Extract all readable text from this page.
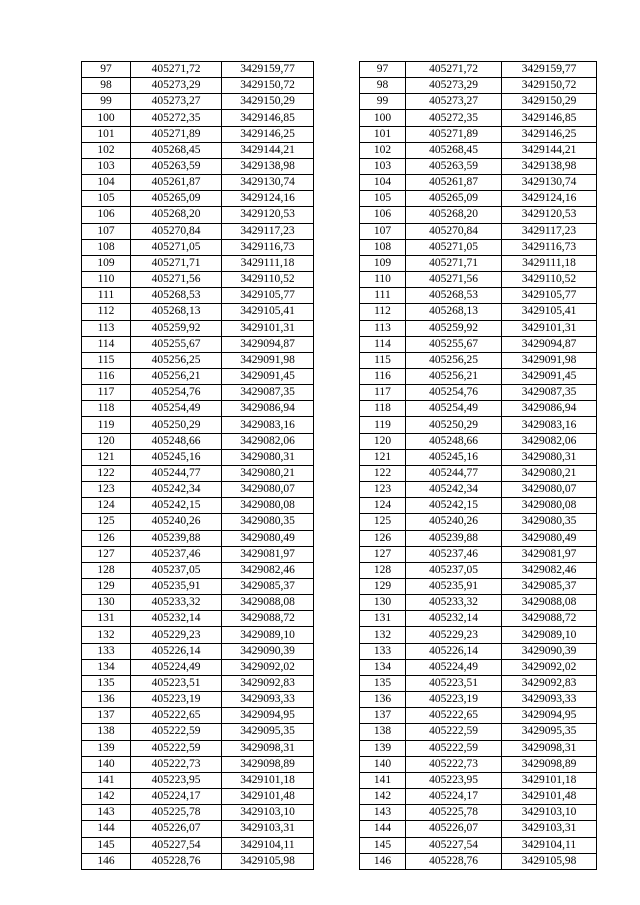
97	405271,72	3429159,77		97	405271,72	3429159,77
98	405273,29	3429150,72		98	405273,29	3429150,72
99	405273,27	3429150,29		99	405273,27	3429150,29
100	405272,35	3429146,85		100	405272,35	3429146,85
101	405271,89	3429146,25		101	405271,89	3429146,25
102	405268,45	3429144,21		102	405268,45	3429144,21
103	405263,59	3429138,98		103	405263,59	3429138,98
104	405261,87	3429130,74		104	405261,87	3429130,74
105	405265,09	3429124,16		105	405265,09	3429124,16
106	405268,20	3429120,53		106	405268,20	3429120,53
107	405270,84	3429117,23		107	405270,84	3429117,23
108	405271,05	3429116,73		108	405271,05	3429116,73
109	405271,71	3429111,18		109	405271,71	3429111,18
110	405271,56	3429110,52		110	405271,56	3429110,52
111	405268,53	3429105,77		111	405268,53	3429105,77
112	405268,13	3429105,41		112	405268,13	3429105,41
113	405259,92	3429101,31		113	405259,92	3429101,31
114	405255,67	3429094,87		114	405255,67	3429094,87
115	405256,25	3429091,98		115	405256,25	3429091,98
116	405256,21	3429091,45		116	405256,21	3429091,45
117	405254,76	3429087,35		117	405254,76	3429087,35
118	405254,49	3429086,94		118	405254,49	3429086,94
119	405250,29	3429083,16		119	405250,29	3429083,16
120	405248,66	3429082,06		120	405248,66	3429082,06
121	405245,16	3429080,31		121	405245,16	3429080,31
122	405244,77	3429080,21		122	405244,77	3429080,21
123	405242,34	3429080,07		123	405242,34	3429080,07
124	405242,15	3429080,08		124	405242,15	3429080,08
125	405240,26	3429080,35		125	405240,26	3429080,35
126	405239,88	3429080,49		126	405239,88	3429080,49
127	405237,46	3429081,97		127	405237,46	3429081,97
128	405237,05	3429082,46		128	405237,05	3429082,46
129	405235,91	3429085,37		129	405235,91	3429085,37
130	405233,32	3429088,08		130	405233,32	3429088,08
131	405232,14	3429088,72		131	405232,14	3429088,72
132	405229,23	3429089,10		132	405229,23	3429089,10
133	405226,14	3429090,39		133	405226,14	3429090,39
134	405224,49	3429092,02		134	405224,49	3429092,02
135	405223,51	3429092,83		135	405223,51	3429092,83
136	405223,19	3429093,33		136	405223,19	3429093,33
137	405222,65	3429094,95		137	405222,65	3429094,95
138	405222,59	3429095,35		138	405222,59	3429095,35
139	405222,59	3429098,31		139	405222,59	3429098,31
140	405222,73	3429098,89		140	405222,73	3429098,89
141	405223,95	3429101,18		141	405223,95	3429101,18
142	405224,17	3429101,48		142	405224,17	3429101,48
143	405225,78	3429103,10		143	405225,78	3429103,10
144	405226,07	3429103,31		144	405226,07	3429103,31
145	405227,54	3429104,11		145	405227,54	3429104,11
146	405228,76	3429105,98		146	405228,76	3429105,98
